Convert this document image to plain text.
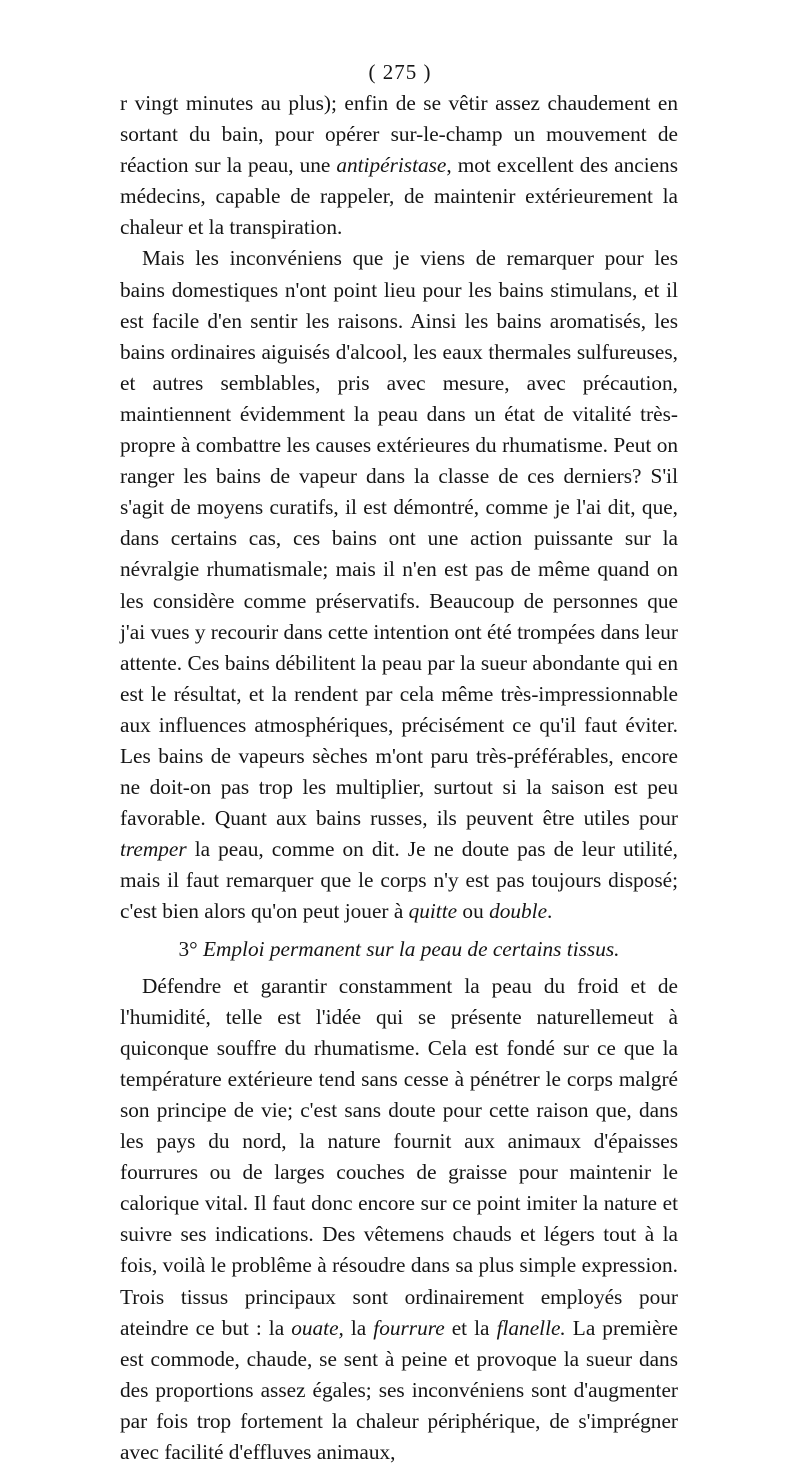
( 275 )

r vingt minutes au plus); enfin de se vêtir assez chaudement en sortant du bain, pour opérer sur-le-champ un mouvement de réaction sur la peau, une antipéristase, mot excellent des anciens médecins, capable de rappeler, de maintenir extérieurement la chaleur et la transpiration.

Mais les inconvéniens que je viens de remarquer pour les bains domestiques n'ont point lieu pour les bains stimulans, et il est facile d'en sentir les raisons. Ainsi les bains aromatisés, les bains ordinaires aiguisés d'alcool, les eaux thermales sulfureuses, et autres semblables, pris avec mesure, avec précaution, maintiennent évidemment la peau dans un état de vitalité très-propre à combattre les causes extérieures du rhumatisme. Peut on ranger les bains de vapeur dans la classe de ces derniers? S'il s'agit de moyens curatifs, il est démontré, comme je l'ai dit, que, dans certains cas, ces bains ont une action puissante sur la névralgie rhumatismale; mais il n'en est pas de même quand on les considère comme préservatifs. Beaucoup de personnes que j'ai vues y recourir dans cette intention ont été trompées dans leur attente. Ces bains débilitent la peau par la sueur abondante qui en est le résultat, et la rendent par cela même très-impressionnable aux influences atmosphériques, précisément ce qu'il faut éviter. Les bains de vapeurs sèches m'ont paru très-préférables, encore ne doit-on pas trop les multiplier, surtout si la saison est peu favorable. Quant aux bains russes, ils peuvent être utiles pour tremper la peau, comme on dit. Je ne doute pas de leur utilité, mais il faut remarquer que le corps n'y est pas toujours disposé; c'est bien alors qu'on peut jouer à quitte ou double.

3° Emploi permanent sur la peau de certains tissus.

Défendre et garantir constamment la peau du froid et de l'humidité, telle est l'idée qui se présente naturellemeut à quiconque souffre du rhumatisme. Cela est fondé sur ce que la température extérieure tend sans cesse à pénétrer le corps malgré son principe de vie; c'est sans doute pour cette raison que, dans les pays du nord, la nature fournit aux animaux d'épaisses fourrures ou de larges couches de graisse pour maintenir le calorique vital. Il faut donc encore sur ce point imiter la nature et suivre ses indications. Des vêtemens chauds et légers tout à la fois, voilà le problême à résoudre dans sa plus simple expression. Trois tissus principaux sont ordinairement employés pour ateindre ce but : la ouate, la fourrure et la flanelle. La première est commode, chaude, se sent à peine et provoque la sueur dans des proportions assez égales; ses inconvéniens sont d'augmenter par fois trop fortement la chaleur périphérique, de s'imprégner avec facilité d'effluves animaux,
